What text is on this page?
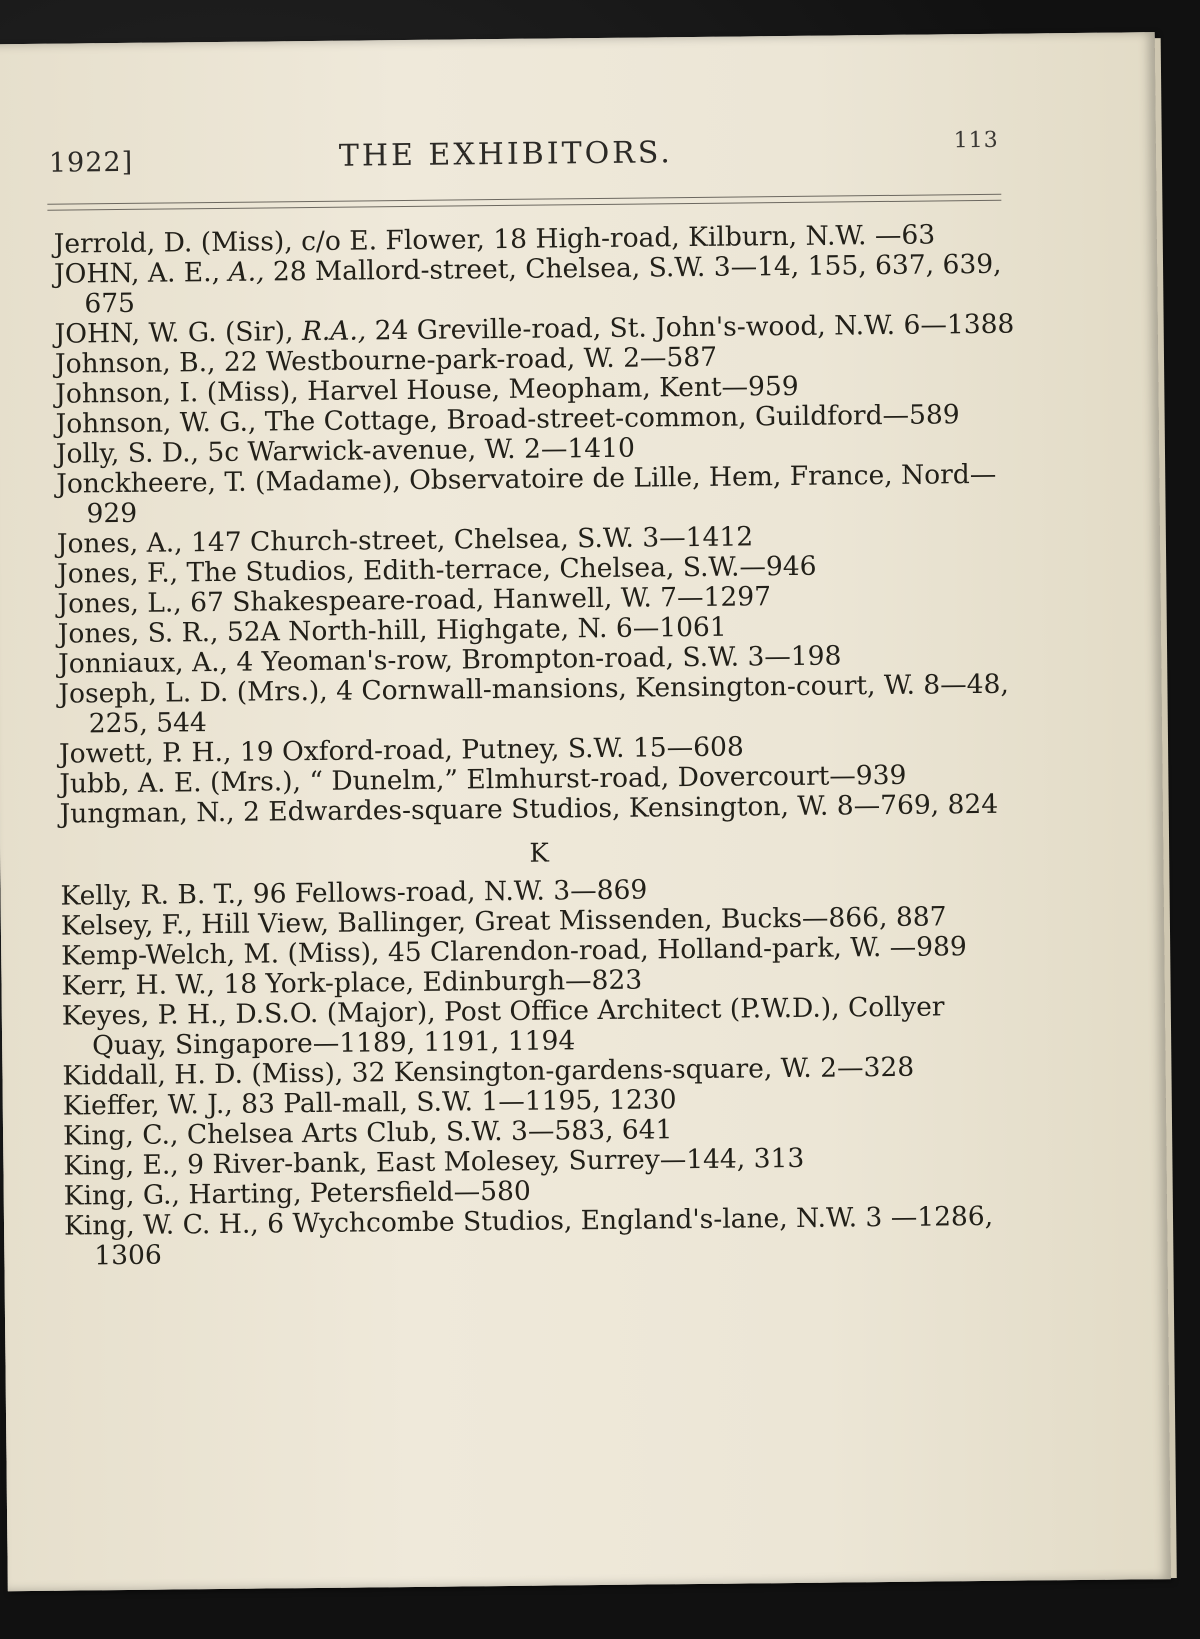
1922]	THE EXHIBITORS.	113

Jerrold, D. (Miss), c/o E. Flower, 18 High-road, Kilburn, N.W. —63

JOHN, A. E., A., 28 Mallord-street, Chelsea, S.W. 3—14, 155, 637, 639, 675

JOHN, W. G. (Sir), R.A., 24 Greville-road, St. John's-wood, N.W. 6—1388

Johnson, B., 22 Westbourne-park-road, W. 2—587

Johnson, I. (Miss), Harvel House, Meopham, Kent—959

Johnson, W. G., The Cottage, Broad-street-common, Guildford—589

Jolly, S. D., 5c Warwick-avenue, W. 2—1410

Jonckheere, T. (Madame), Observatoire de Lille, Hem, France, Nord—929

Jones, A., 147 Church-street, Chelsea, S.W. 3—1412

Jones, F., The Studios, Edith-terrace, Chelsea, S.W.—946

Jones, L., 67 Shakespeare-road, Hanwell, W. 7—1297

Jones, S. R., 52A North-hill, Highgate, N. 6—1061

Jonniaux, A., 4 Yeoman's-row, Brompton-road, S.W. 3—198

Joseph, L. D. (Mrs.), 4 Cornwall-mansions, Kensington-court, W. 8—48, 225, 544

Jowett, P. H., 19 Oxford-road, Putney, S.W. 15—608

Jubb, A. E. (Mrs.), “ Dunelm,” Elmhurst-road, Dovercourt—939

Jungman, N., 2 Edwardes-square Studios, Kensington, W. 8—769, 824

K

Kelly, R. B. T., 96 Fellows-road, N.W. 3—869

Kelsey, F., Hill View, Ballinger, Great Missenden, Bucks—866, 887

Kemp-Welch, M. (Miss), 45 Clarendon-road, Holland-park, W. —989

Kerr, H. W., 18 York-place, Edinburgh—823

Keyes, P. H., D.S.O. (Major), Post Office Architect (P.W.D.), Collyer Quay, Singapore—1189, 1191, 1194

Kiddall, H. D. (Miss), 32 Kensington-gardens-square, W. 2—328

Kieffer, W. J., 83 Pall-mall, S.W. 1—1195, 1230

King, C., Chelsea Arts Club, S.W. 3—583, 641

King, E., 9 River-bank, East Molesey, Surrey—144, 313

King, G., Harting, Petersfield—580

King, W. C. H., 6 Wychcombe Studios, England's-lane, N.W. 3 —1286, 1306
